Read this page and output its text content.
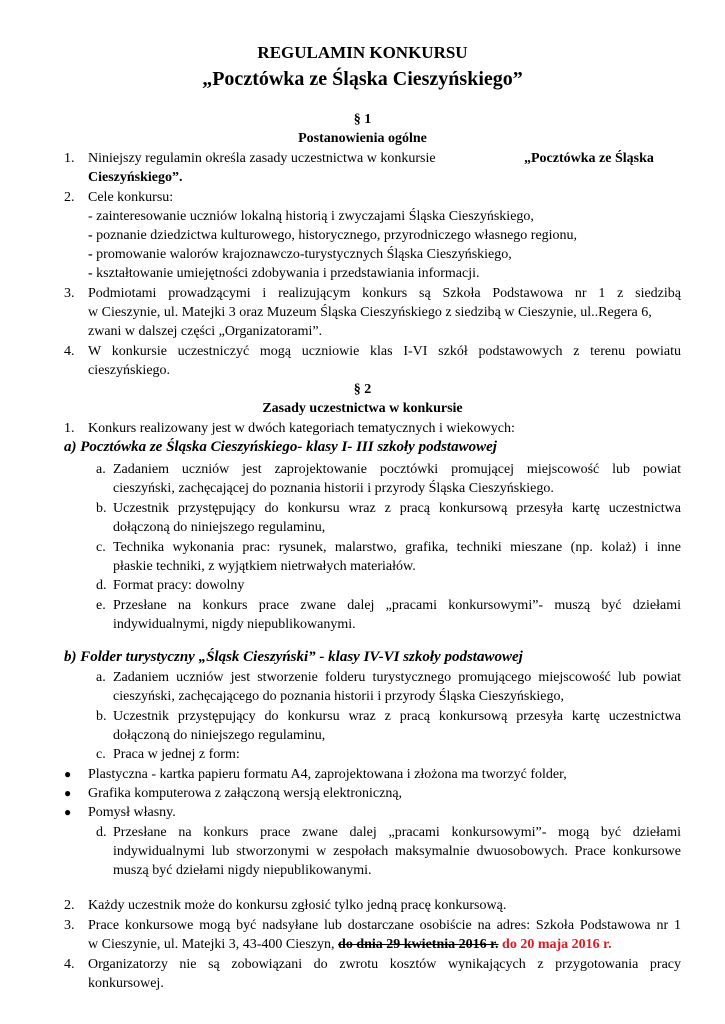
REGULAMIN KONKURSU
„Pocztówka ze Śląska Cieszyńskiego”
§ 1
Postanowienia ogólne
1. Niniejszy regulamin określa zasady uczestnictwa w konkursie	„Pocztówka ze Śląska
Cieszyńskiego”.
2. Cele konkursu:
- zainteresowanie uczniów lokalną historią i zwyczajami Śląska Cieszyńskiego,
- poznanie dziedzictwa kulturowego, historycznego, przyrodniczego własnego regionu,
- promowanie walorów krajoznawczo-turystycznych Śląska Cieszyńskiego,
- kształtowanie umiejętności zdobywania i przedstawiania informacji.
3. Podmiotami prowadzącymi i realizującym konkurs są Szkoła Podstawowa nr 1 z siedzibą
w Cieszynie, ul. Matejki 3 oraz Muzeum Śląska Cieszyńskiego z siedzibą w Cieszynie, ul..Regera 6,
zwani w dalszej części „Organizatorami”.
4. W konkursie uczestniczyć mogą uczniowie klas I-VI szkół podstawowych z terenu powiatu
cieszyńskiego.
§ 2
Zasady uczestnictwa w konkursie
1. Konkurs realizowany jest w dwóch kategoriach tematycznych i wiekowych:
a) Pocztówka ze Śląska Cieszyńskiego- klasy I- III szkoły podstawowej
a. Zadaniem uczniów jest zaprojektowanie pocztówki promującej miejscowość lub powiat
cieszyński, zachęcającej do poznania historii i przyrody Śląska Cieszyńskiego.
b. Uczestnik przystępujący do konkursu wraz z pracą konkursową przesyła kartę uczestnictwa
dołączoną do niniejszego regulaminu,
c. Technika wykonania prac: rysunek, malarstwo, grafika, techniki mieszane (np. kolaż) i inne
płaskie techniki, z wyjątkiem nietrwałych materiałów.
d. Format pracy: dowolny
e. Przesłane na konkurs prace zwane dalej „pracami konkursowymi”- muszą być dziełami
indywidualnymi, nigdy niepublikowanymi.
b) Folder turystyczny „Śląsk Cieszyński” - klasy IV-VI szkoły podstawowej
a. Zadaniem uczniów jest stworzenie folderu turystycznego promującego miejscowość lub powiat
cieszyński, zachęcającego do poznania historii i przyrody Śląska Cieszyńskiego,
b. Uczestnik przystępujący do konkursu wraz z pracą konkursową przesyła kartę uczestnictwa
dołączoną do niniejszego regulaminu,
c. Praca w jednej z form:
● Plastyczna - kartka papieru formatu A4, zaprojektowana i złożona ma tworzyć folder,
● Grafika komputerowa z załączoną wersją elektroniczną,
● Pomysł własny.
d. Przesłane na konkurs prace zwane dalej „pracami konkursowymi”- mogą być dziełami
indywidualnymi lub stworzonymi w zespołach maksymalnie dwuosobowych. Prace konkursowe
muszą być dziełami nigdy niepublikowanymi.
2. Każdy uczestnik może do konkursu zgłosić tylko jedną pracę konkursową.
3. Prace konkursowe mogą być nadsyłane lub dostarczane osobiście na adres: Szkoła Podstawowa nr 1
w Cieszynie, ul. Matejki 3, 43-400 Cieszyn, do dnia 29 kwietnia 2016 r. do 20 maja 2016 r.
4. Organizatorzy nie są zobowiązani do zwrotu kosztów wynikających z przygotowania pracy
konkursowej.
